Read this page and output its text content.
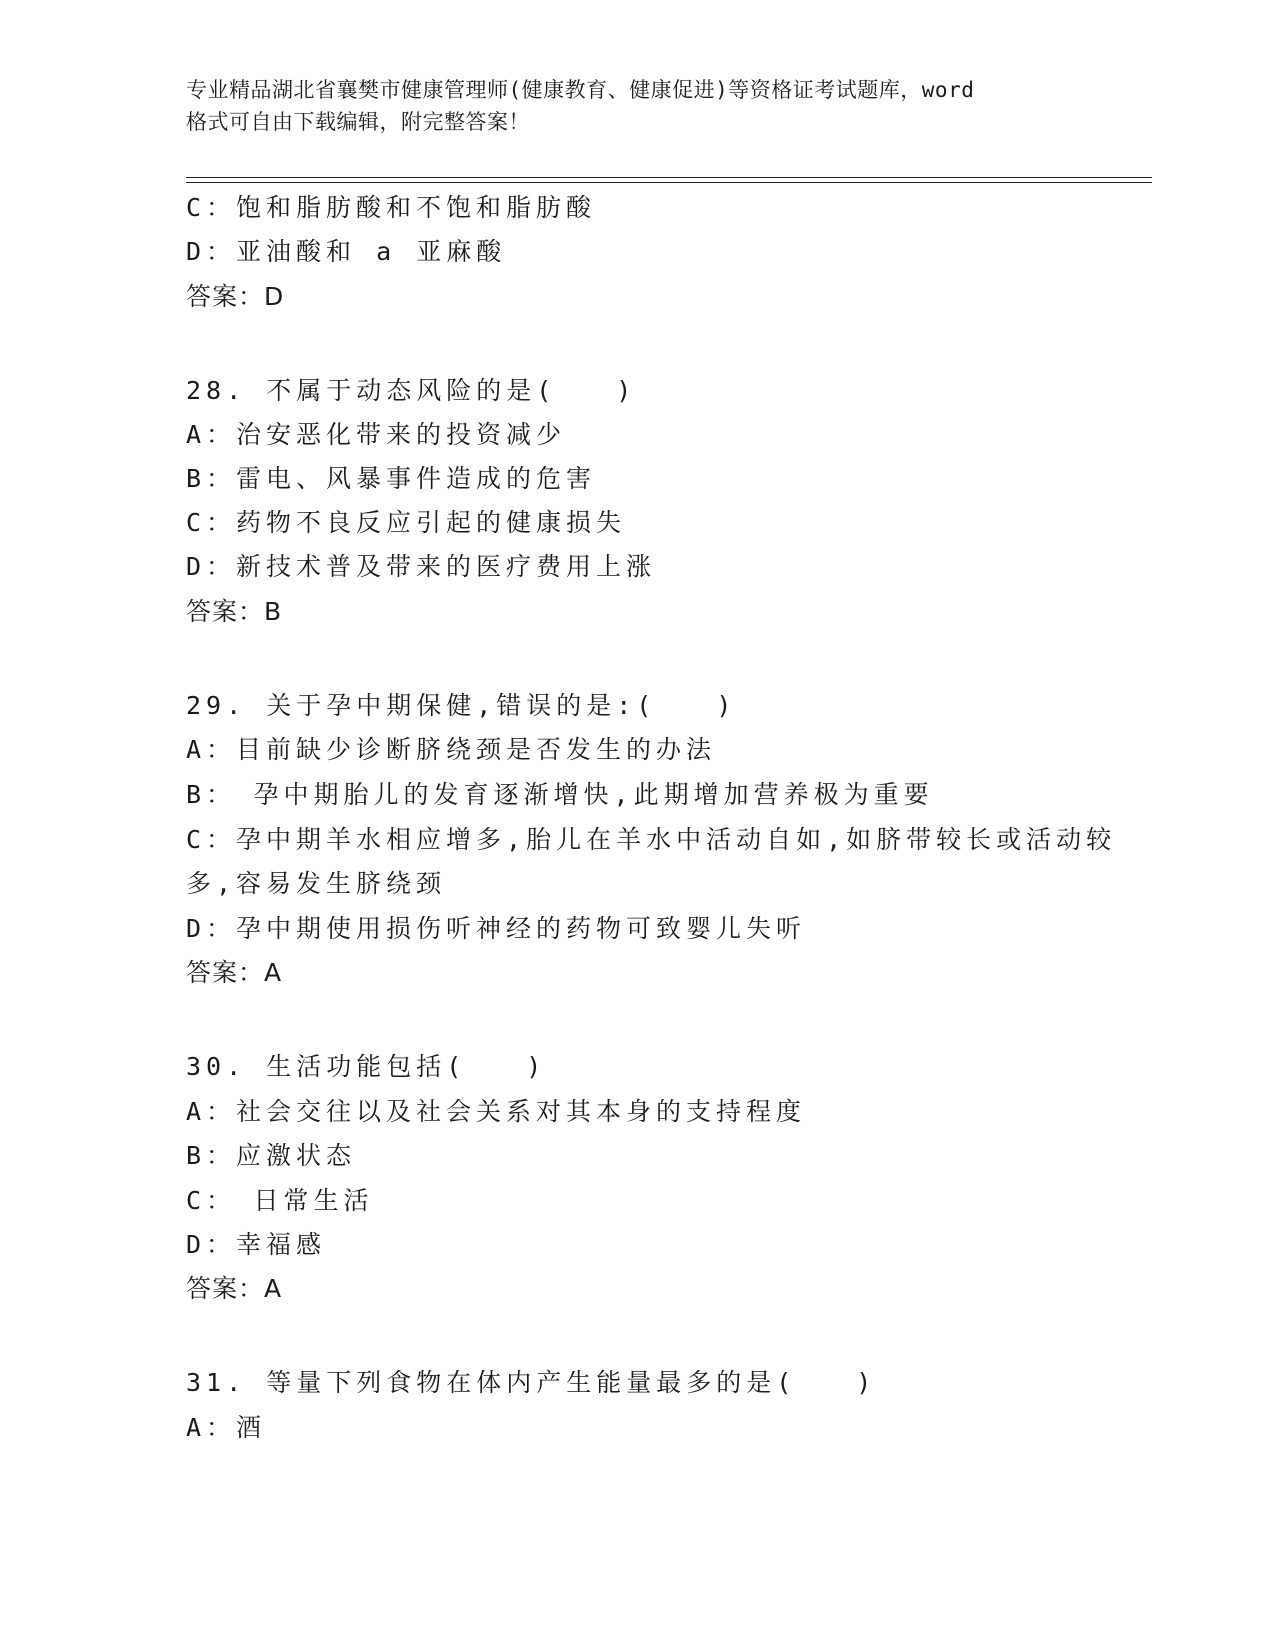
专业精品湖北省襄樊市健康管理师(健康教育、健康促进)等资格证考试题库，word
格式可自由下载编辑，附完整答案！
C：饱和脂肪酸和不饱和脂肪酸
D：亚油酸和 a 亚麻酸
答案：D
28. 不属于动态风险的是(　　)
A：治安恶化带来的投资减少
B：雷电、风暴事件造成的危害
C：药物不良反应引起的健康损失
D：新技术普及带来的医疗费用上涨
答案：B
29. 关于孕中期保健,错误的是:(　　)
A：目前缺少诊断脐绕颈是否发生的办法
B：　孕中期胎儿的发育逐渐增快,此期增加营养极为重要
C：孕中期羊水相应增多,胎儿在羊水中活动自如,如脐带较长或活动较
多,容易发生脐绕颈
D：孕中期使用损伤听神经的药物可致婴儿失听
答案：A
30. 生活功能包括(　　)
A：社会交往以及社会关系对其本身的支持程度
B：应激状态
C：　日常生活
D：幸福感
答案：A
31. 等量下列食物在体内产生能量最多的是(　　)
A：酒
